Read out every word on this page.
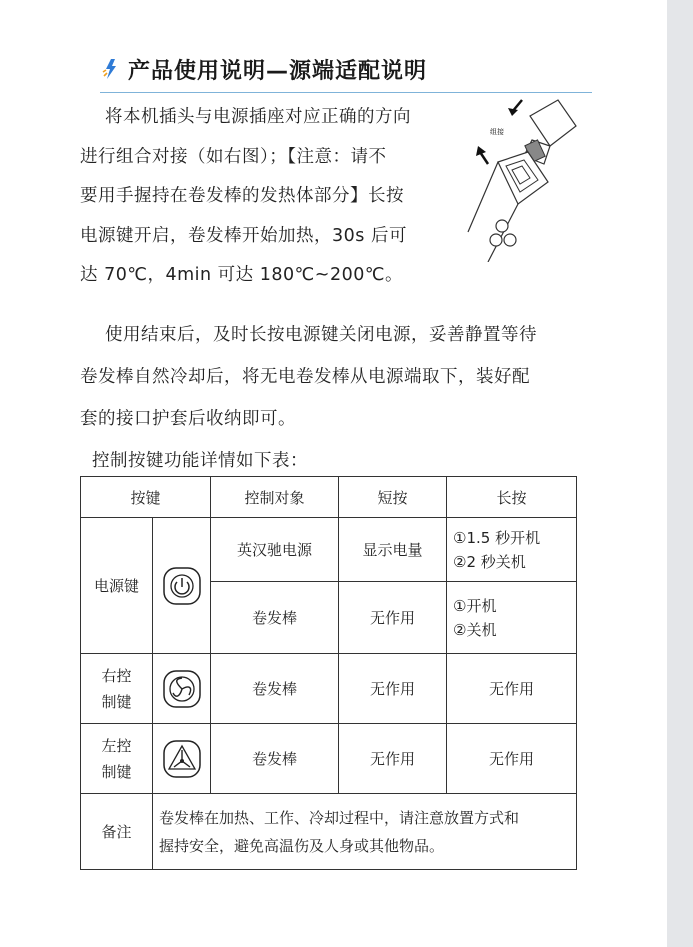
产品使用说明—源端适配说明
将本机插头与电源插座对应正确的方向
进行组合对接（如右图）；【注意：请不
要用手握持在卷发棒的发热体部分】长按
电源键开启，卷发棒开始加热，30s 后可
达 70℃，4min 可达 180℃~200℃。
组接
使用结束后，及时长按电源键关闭电源，妥善静置等待
卷发棒自然冷却后，将无电卷发棒从电源端取下，装好配
套的接口护套后收纳即可。
控制按键功能详情如下表：
按键		控制对象	短按	长按
电源键		英汉驰电源	显示电量	①1.5 秒开机
②2 秒关机

		卷发棒	无作用	①开机
②关机

右控
制键		卷发棒	无作用	无作用

左控
制键		卷发棒	无作用	无作用
备注	卷发棒在加热、工作、冷却过程中，请注意放置方式和
握持安全，避免高温伤及人身或其他物品。			
